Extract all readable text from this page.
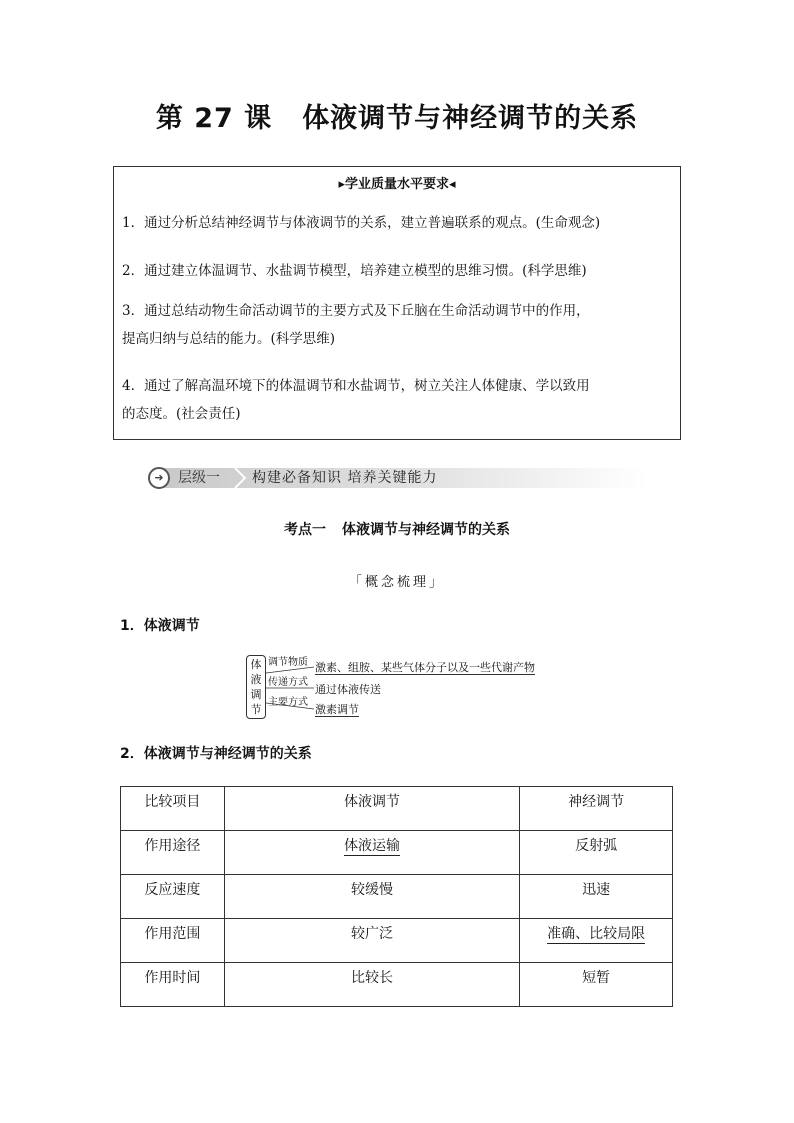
第 27 课 体液调节与神经调节的关系
▸学业质量水平要求◂
1．通过分析总结神经调节与体液调节的关系，建立普遍联系的观点。(生命观念)
2．通过建立体温调节、水盐调节模型，培养建立模型的思维习惯。(科学思维)
3．通过总结动物生命活动调节的主要方式及下丘脑在生命活动调节中的作用，
提高归纳与总结的能力。(科学思维)
4．通过了解高温环境下的体温调节和水盐调节，树立关注人体健康、学以致用
的态度。(社会责任)
➜	层级一 构建必备知识 培养关键能力
考点一 体液调节与神经调节的关系
「概念梳理」
1．体液调节
体
液
调
节
调节物质 激素、组胺、某些气体分子以及一些代谢产物
传递方式
通过体液传送
主要方式
激素调节
2．体液调节与神经调节的关系
比较项目	体液调节	神经调节
作用途径	体液运输	反射弧
反应速度	较缓慢	迅速
作用范围	较广泛	准确、比较局限
作用时间	比较长	短暂
